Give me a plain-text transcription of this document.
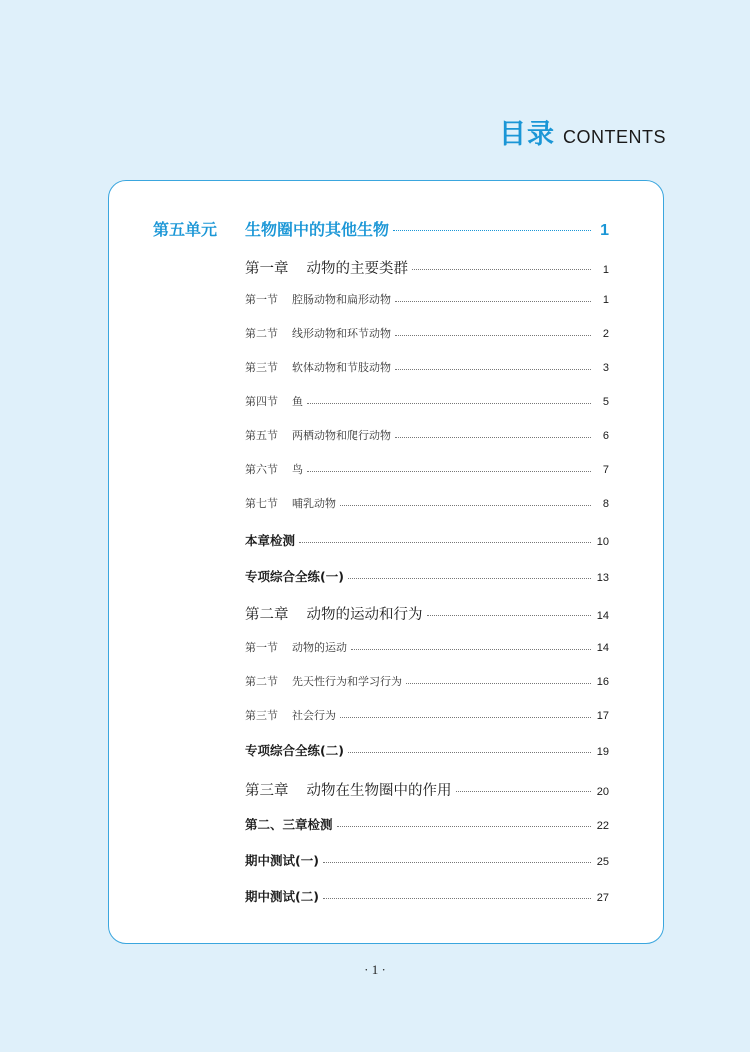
目录 CONTENTS
第五单元 生物圈中的其他生物	1
第一章 动物的主要类群	1
第一节 腔肠动物和扁形动物	1
第二节 线形动物和环节动物	2
第三节 软体动物和节肢动物	3
第四节 鱼	5
第五节 两栖动物和爬行动物	6
第六节 鸟	7
第七节 哺乳动物	8
本章检测	10
专项综合全练(一)	13
第二章 动物的运动和行为	14
第一节 动物的运动	14
第二节 先天性行为和学习行为	16
第三节 社会行为	17
专项综合全练(二)	19
第三章 动物在生物圈中的作用	20
第二、三章检测	22
期中测试(一)	25
期中测试(二)	27
· 1 ·
